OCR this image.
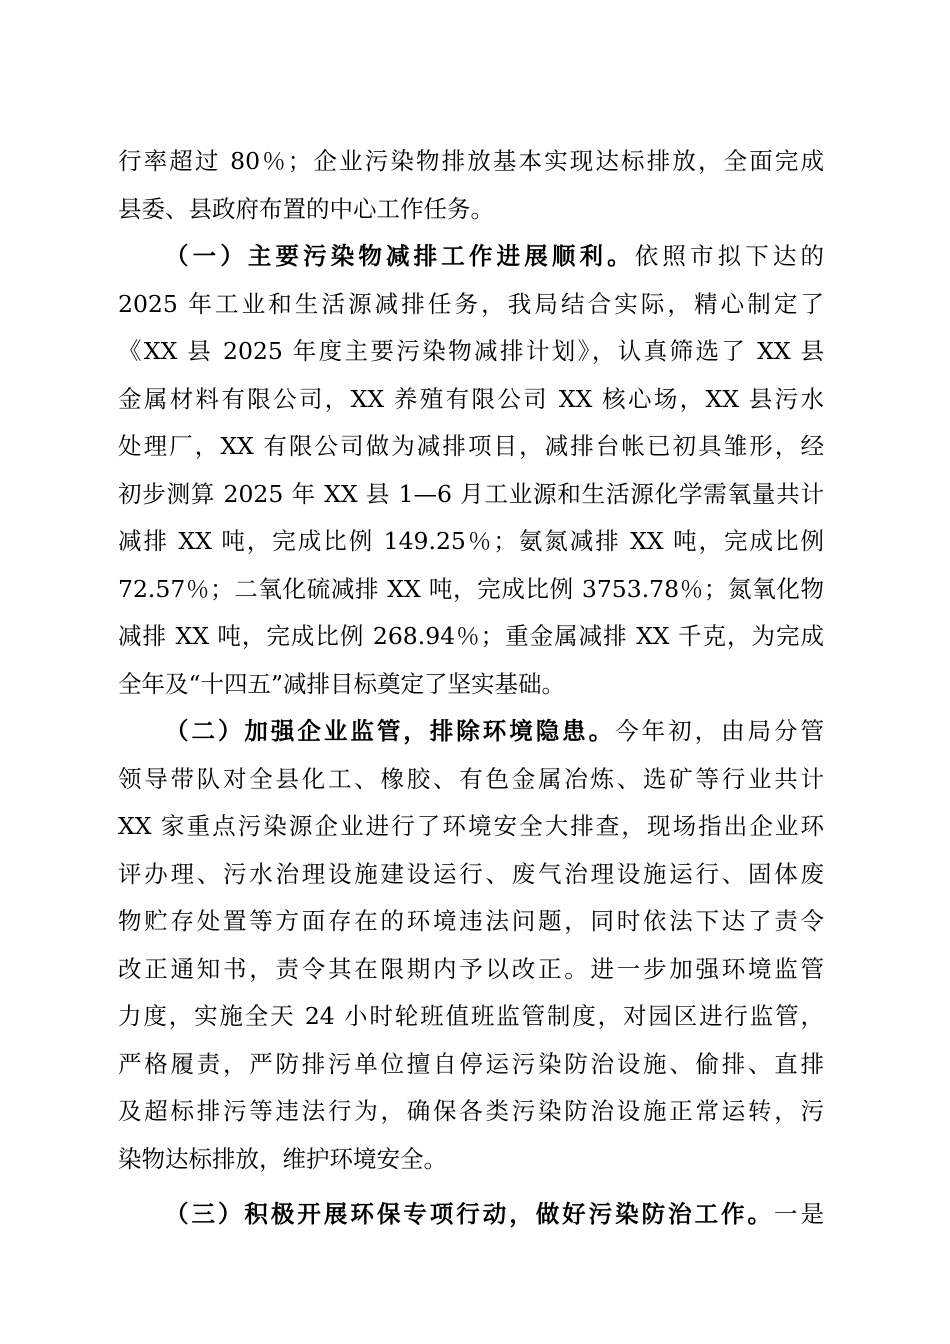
行率超过 80％；企业污染物排放基本实现达标排放，全面完成
县委、县政府布置的中心工作任务。
（一）主要污染物减排工作进展顺利。依照市拟下达的
2025 年工业和生活源减排任务，我局结合实际，精心制定了
《XX 县 2025 年度主要污染物减排计划》，认真筛选了 XX 县
金属材料有限公司，XX 养殖有限公司 XX 核心场，XX 县污水
处理厂，XX 有限公司做为减排项目，减排台帐已初具雏形，经
初步测算 2025 年 XX 县 1—6 月工业源和生活源化学需氧量共计
减排 XX 吨，完成比例 149.25％；氨氮减排 XX 吨，完成比例
72.57％；二氧化硫减排 XX 吨，完成比例 3753.78％；氮氧化物
减排 XX 吨，完成比例 268.94％；重金属减排 XX 千克，为完成
全年及“十四五”减排目标奠定了坚实基础。
（二）加强企业监管，排除环境隐患。今年初，由局分管
领导带队对全县化工、橡胶、有色金属冶炼、选矿等行业共计
XX 家重点污染源企业进行了环境安全大排查，现场指出企业环
评办理、污水治理设施建设运行、废气治理设施运行、固体废
物贮存处置等方面存在的环境违法问题，同时依法下达了责令
改正通知书，责令其在限期内予以改正。进一步加强环境监管
力度，实施全天 24 小时轮班值班监管制度，对园区进行监管，
严格履责，严防排污单位擅自停运污染防治设施、偷排、直排
及超标排污等违法行为，确保各类污染防治设施正常运转，污
染物达标排放，维护环境安全。
（三）积极开展环保专项行动，做好污染防治工作。一是
